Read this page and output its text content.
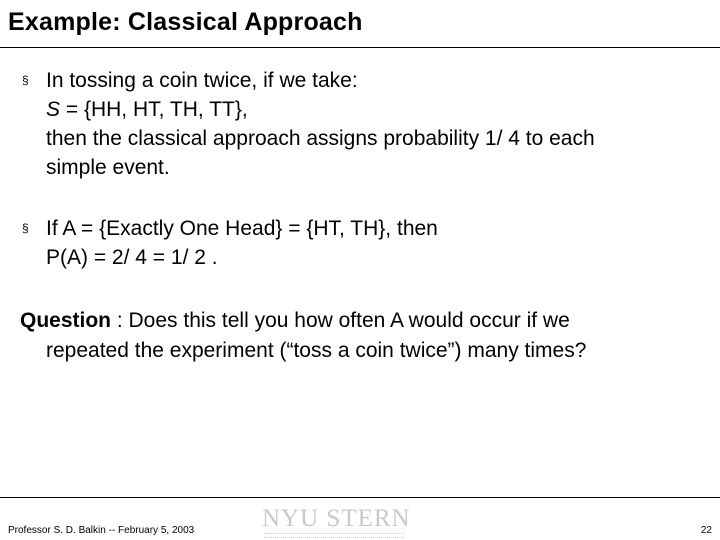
Example: Classical Approach
§ In tossing a coin twice, if we take:
S = {HH, HT, TH, TT},
then the classical approach assigns probability 1/ 4 to each
simple event.
§ If A = {Exactly One Head} = {HT, TH}, then
P(A) = 2/ 4 = 1/ 2 .
Question : Does this tell you how often A would occur if we
repeated the experiment (“toss a coin twice”) many times?
Professor S. D. Balkin -- February 5, 2003	NYU STERN	22
